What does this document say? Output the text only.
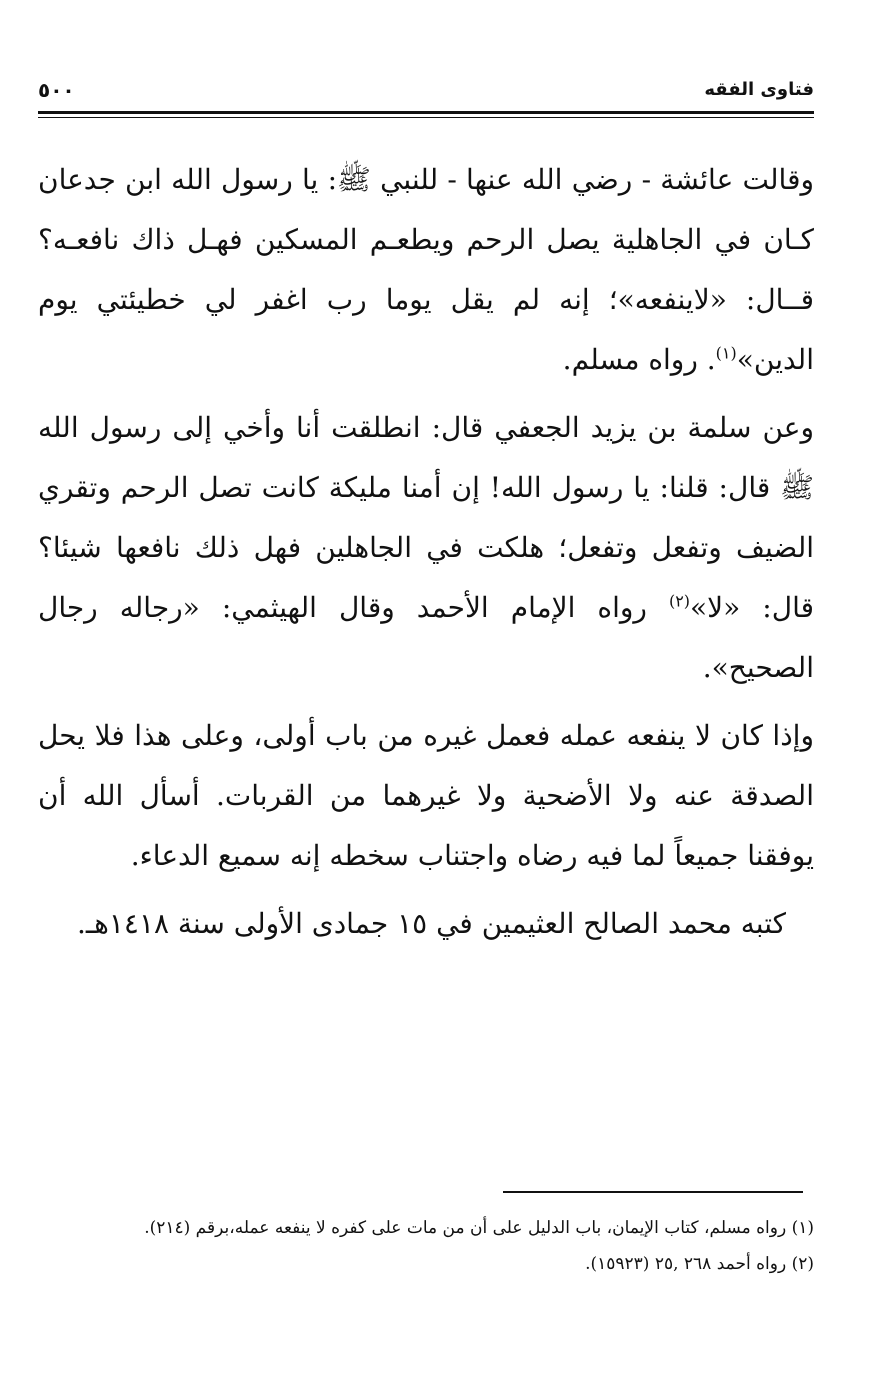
فتاوى الفقه
٥٠٠

وقالت عائشة - رضي الله عنها - للنبي ﷺ: يا رسول الله ابن جدعان كـان في الجاهلية يصل الرحم ويطعـم المسكين فهـل ذاك نافعـه؟ قــال: «لاينفعه»؛ إنه لم يقل يوما رب اغفر لي خطيئتي يوم الدين»$^{(١)}$. رواه مسلم.

وعن سلمة بن يزيد الجعفي قال: انطلقت أنا وأخي إلى رسول الله ﷺ قال: قلنا: يا رسول الله! إن أمنا مليكة كانت تصل الرحم وتقري الضيف وتفعل وتفعل؛ هلكت في الجاهلين فهل ذلك نافعها شيئا؟ قال: «لا»$^{(٢)}$ رواه الإمام الأحمد وقال الهيثمي: «رجاله رجال الصحيح».

وإذا كان لا ينفعه عمله فعمل غيره من باب أولى، وعلى هذا فلا يحل الصدقة عنه ولا الأضحية ولا غيرهما من القربات. أسأل الله أن يوفقنا جميعاً لما فيه رضاه واجتناب سخطه إنه سميع الدعاء.

كتبه محمد الصالح العثيمين في ١٥ جمادى الأولى سنة ١٤١٨هـ.

(١) رواه مسلم، كتاب الإيمان، باب الدليل على أن من مات على كفره لا ينفعه عمله،برقم (٢١٤).
(٢) رواه أحمد ٢٦٨ ,٢٥ (١٥٩٢٣).
